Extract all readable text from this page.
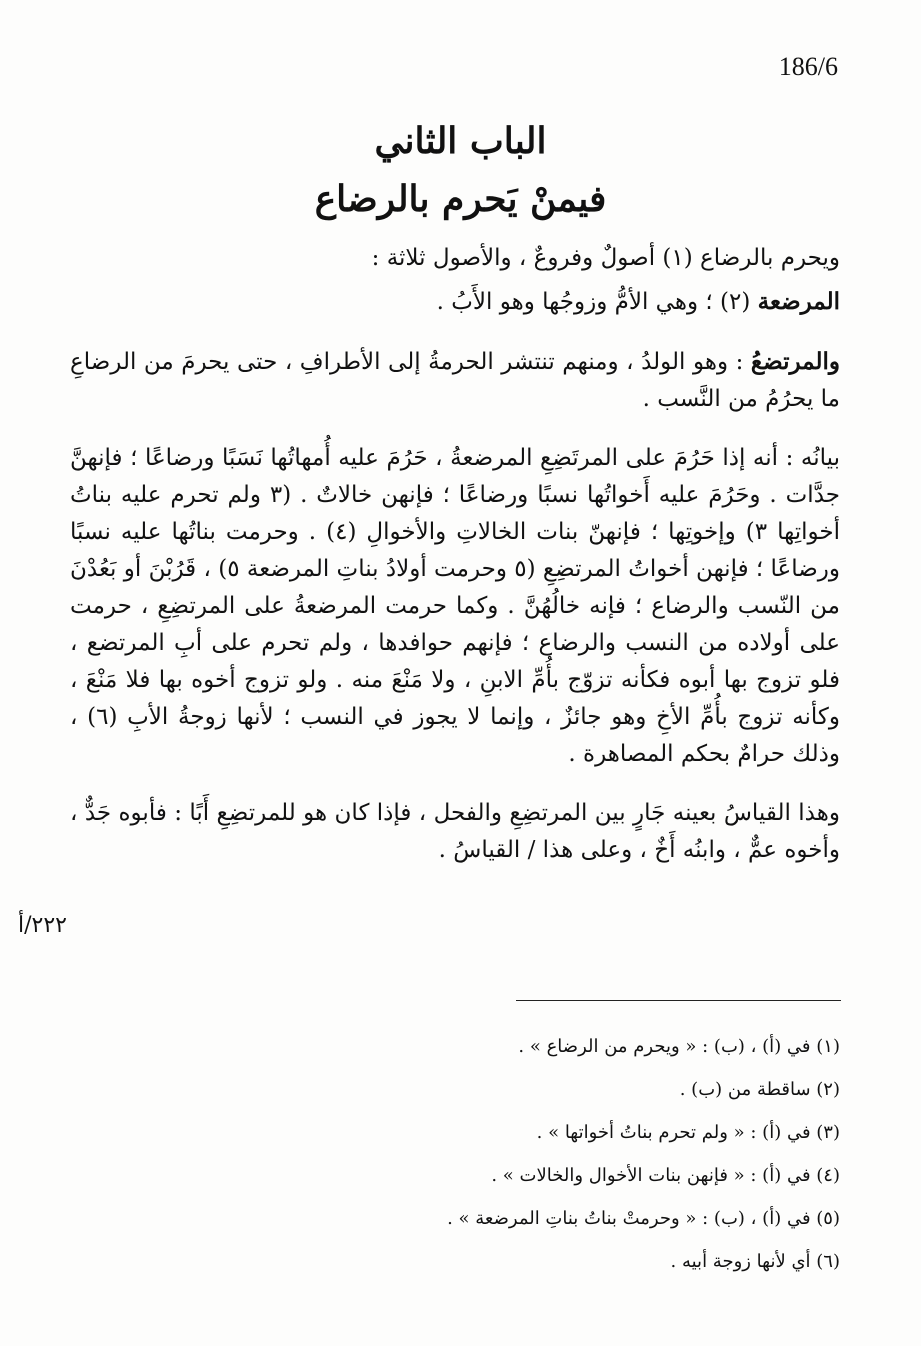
186/6
الباب الثاني
فيمنْ يَحرم بالرضاع

ويحرم بالرضاع (١) أصولٌ وفروعٌ ، والأصول ثلاثة :

المرضعة (٢) ؛ وهي الأمُّ وزوجُها وهو الأَبُ .

والمرتضعُ : وهو الولدُ ، ومنهم تنتشر الحرمةُ إلى الأطرافِ ، حتى يحرمَ من الرضاعِ ما يحرُمُ من النَّسب .

بيانُه : أنه إذا حَرُمَ على المرتَضِعِ المرضعةُ ، حَرُمَ عليه أُمهاتُها نَسَبًا ورضاعًا ؛ فإنهنَّ جدَّات . وحَرُمَ عليه أَخواتُها نسبًا ورضاعًا ؛ فإنهن خالاتٌ . (٣ ولم تحرم عليه بناتُ أخواتِها ٣) وإخوتِها ؛ فإنهنّ بنات الخالاتِ والأخوالِ (٤) . وحرمت بناتُها عليه نسبًا ورضاعًا ؛ فإنهن أخواتُ المرتضِعِ (٥ وحرمت أولادُ بناتِ المرضعة ٥) ، قَرُبْنَ أو بَعُدْنَ من النّسب والرضاع ؛ فإنه خالُهُنَّ . وكما حرمت المرضعةُ على المرتضِعِ ، حرمت على أولاده من النسب والرضاع ؛ فإنهم حوافدها ، ولم تحرم على أبِ المرتضع ، فلو تزوج بها أبوه فكأنه تزوّج بأُمِّ الابنِ ، ولا مَنْعَ منه . ولو تزوج أخوه بها فلا مَنْعَ ، وكأنه تزوج بأُمِّ الأخِ وهو جائزٌ ، وإنما لا يجوز في النسب ؛ لأنها زوجةُ الأبِ (٦) ، وذلك حرامٌ بحكم المصاهرة .

وهذا القياسُ بعينه جَارٍ بين المرتضِعِ والفحل ، فإذا كان هو للمرتضِعِ أَبًا : فأبوه جَدٌّ ، وأخوه عمٌّ ، وابنُه أَخٌ ، وعلى هذا / القياسُ .

٢٢٢/أ

(١) في (أ) ، (ب) : « ويحرم من الرضاع » .

(٢) ساقطة من (ب) .

(٣) في (أ) : « ولم تحرم بناتُ أخواتها » .

(٤) في (أ) : « فإنهن بنات الأخوال والخالات » .

(٥) في (أ) ، (ب) : « وحرمتْ بناتُ بناتِ المرضعة » .

(٦) أي لأنها زوجة أبيه .
